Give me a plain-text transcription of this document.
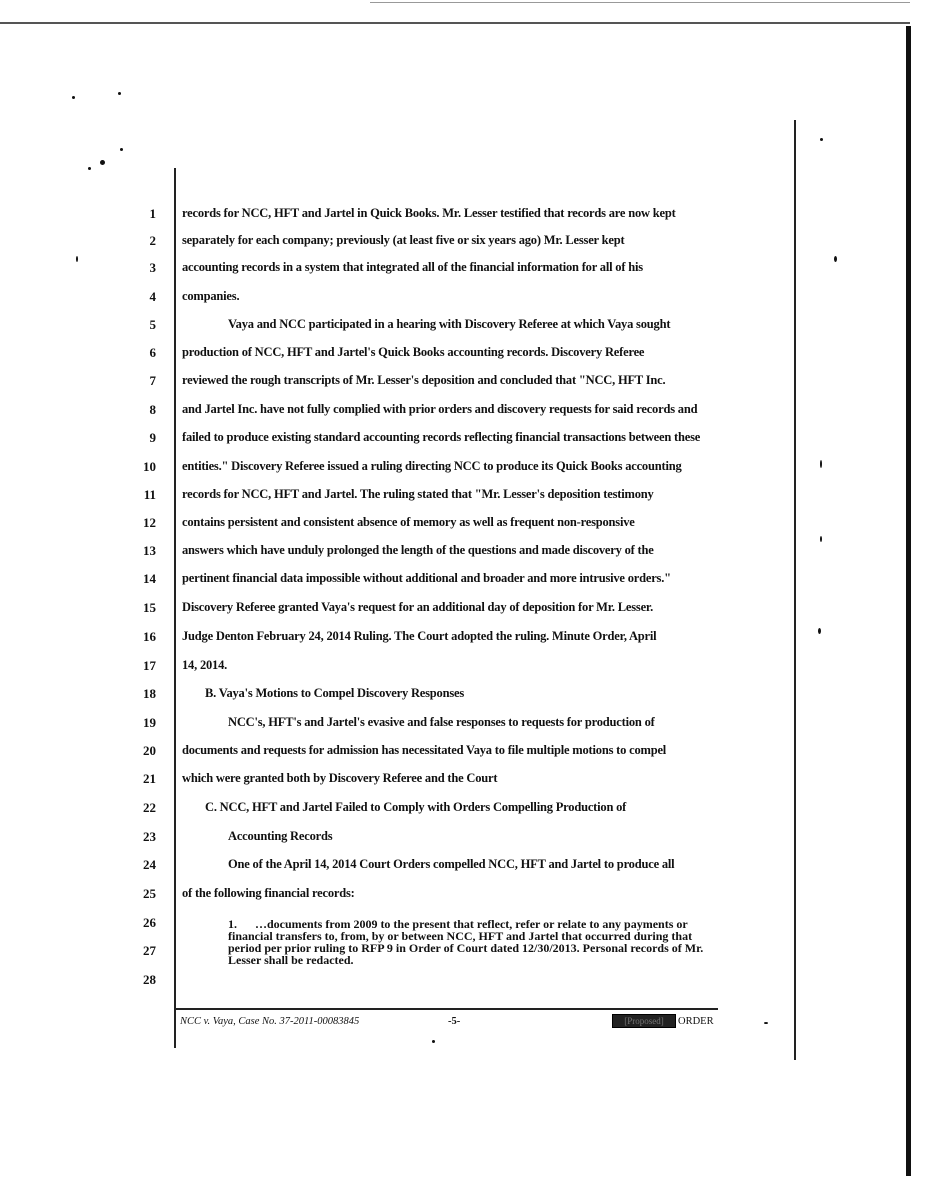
1
2
3
4
5
6
7
8
9
10
11
12
13
14
15
16
17
18
19
20
21
22
23
24
25
26
27
28
records for NCC, HFT and Jartel in Quick Books. Mr. Lesser testified that records are now kept
separately for each company; previously (at least five or six years ago) Mr. Lesser kept
accounting records in a system that integrated all of the financial information for all of his
companies.
Vaya and NCC participated in a hearing with Discovery Referee at which Vaya sought
production of NCC, HFT and Jartel's Quick Books accounting records. Discovery Referee
reviewed the rough transcripts of Mr. Lesser's deposition and concluded that "NCC, HFT Inc.
and Jartel Inc. have not fully complied with prior orders and discovery requests for said records and
failed to produce existing standard accounting records reflecting financial transactions between these
entities." Discovery Referee issued a ruling directing NCC to produce its Quick Books accounting
records for NCC, HFT and Jartel. The ruling stated that "Mr. Lesser's deposition testimony
contains persistent and consistent absence of memory as well as frequent non-responsive
answers which have unduly prolonged the length of the questions and made discovery of the
pertinent financial data impossible without additional and broader and more intrusive orders."
Discovery Referee granted Vaya's request for an additional day of deposition for Mr. Lesser.
Judge Denton February 24, 2014 Ruling. The Court adopted the ruling. Minute Order, April
14, 2014.
B. Vaya's Motions to Compel Discovery Responses
NCC's, HFT's and Jartel's evasive and false responses to requests for production of
documents and requests for admission has necessitated Vaya to file multiple motions to compel
which were granted both by Discovery Referee and the Court
C. NCC, HFT and Jartel Failed to Comply with Orders Compelling Production of
Accounting Records
One of the April 14, 2014 Court Orders compelled NCC, HFT and Jartel to produce all
of the following financial records:
1. …documents from 2009 to the present that reflect, refer or relate to any payments or financial transfers to, from, by or between NCC, HFT and Jartel that occurred during that period per prior ruling to RFP 9 in Order of Court dated 12/30/2013. Personal records of Mr. Lesser shall be redacted.
NCC v. Vaya, Case No. 37-2011-00083845	-5-	[Proposed]	ORDER
